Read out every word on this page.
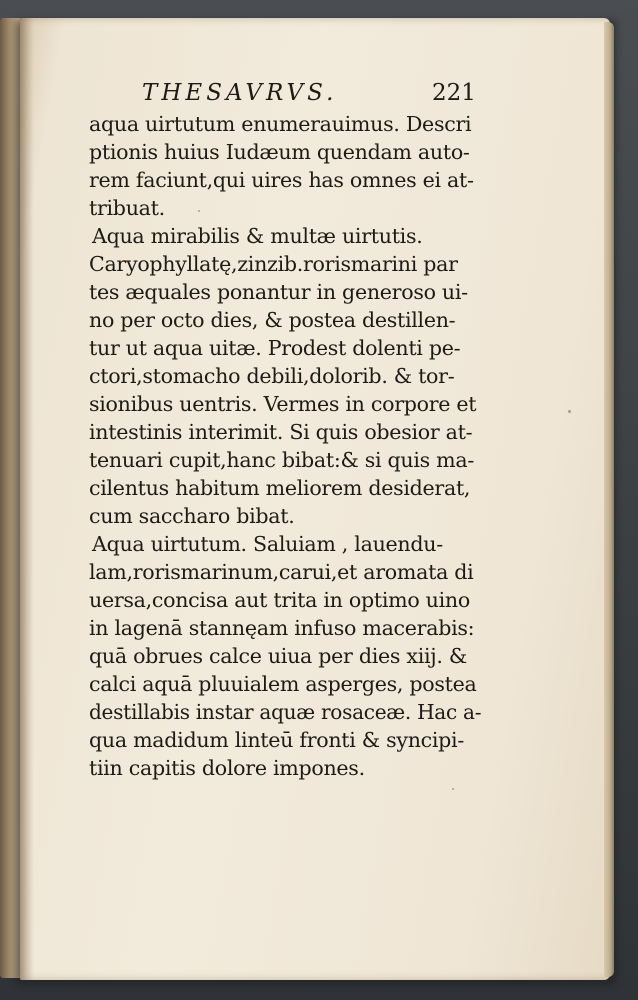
THESAVRVS.	221
aqua uirtutum enumerauimus. Descri
ptionis huius Iudæum quendam auto-
rem faciunt,qui uires has omnes ei at-
tribuat.
Aqua mirabilis & multæ uirtutis.
Caryophyllatę,zinzib.rorismarini par
tes æquales ponantur in generoso ui-
no per octo dies, & postea destillen-
tur ut aqua uitæ. Prodest dolenti pe-
ctori,stomacho debili,dolorib. & tor-
sionibus uentris. Vermes in corpore et
intestinis interimit. Si quis obesior at-
tenuari cupit,hanc bibat:& si quis ma-
cilentus habitum meliorem desiderat,
cum saccharo bibat.
Aqua uirtutum. Saluiam , lauendu-
lam,rorismarinum,carui,et aromata di
uersa,concisa aut trita in optimo uino
in lagenā stannęam infuso macerabis:
quā obrues calce uiua per dies xiij. &
calci aquā pluuialem asperges, postea
destillabis instar aquæ rosaceæ. Hac a-
qua madidum linteū fronti & syncipi-
tiin capitis dolore impones.
